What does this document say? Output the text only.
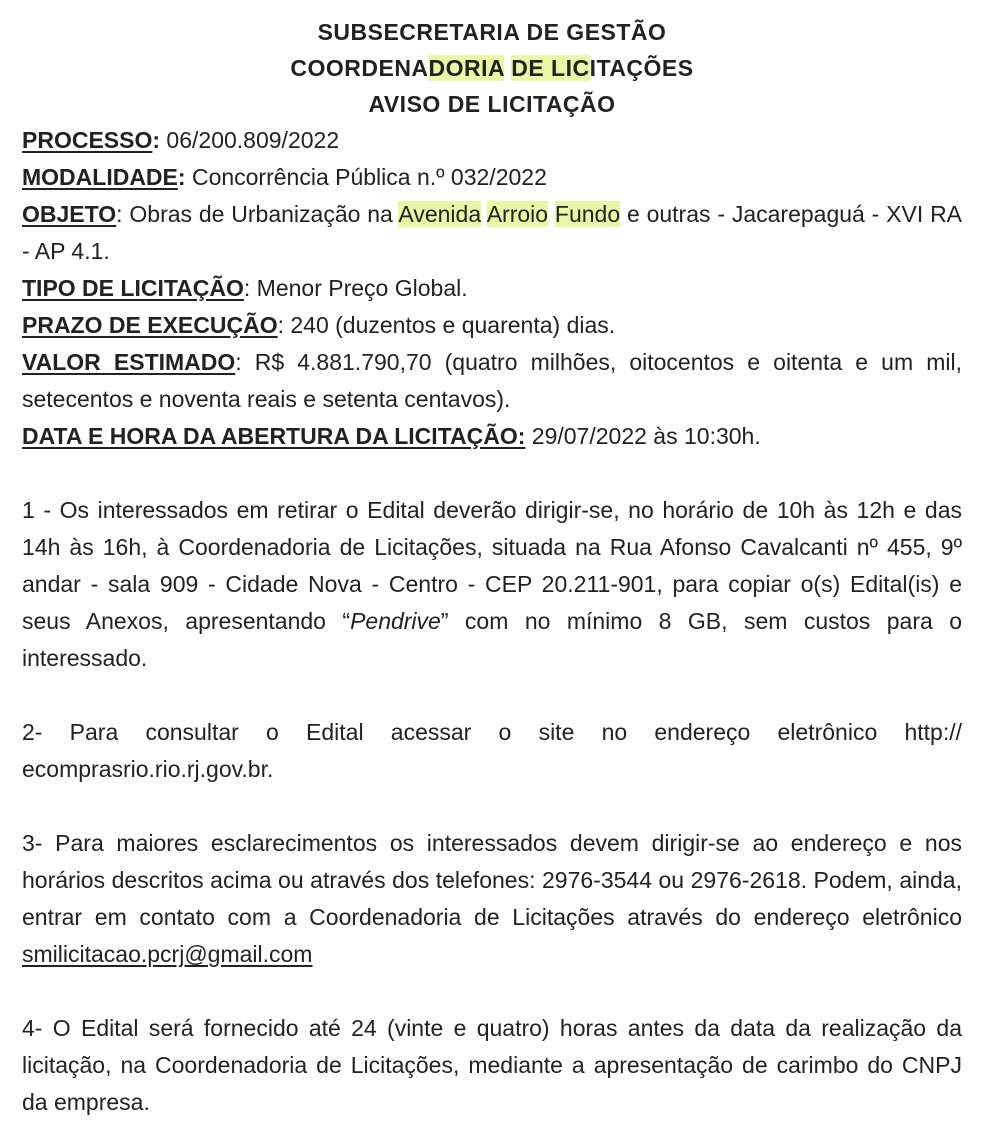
SUBSECRETARIA DE GESTÃO
COORDENADORIA DE LICITAÇÕES
AVISO DE LICITAÇÃO
PROCESSO: 06/200.809/2022
MODALIDADE: Concorrência Pública n.º 032/2022
OBJETO: Obras de Urbanização na Avenida Arroio Fundo e outras - Jacarepaguá - XVI RA - AP 4.1.
TIPO DE LICITAÇÃO: Menor Preço Global.
PRAZO DE EXECUÇÃO: 240 (duzentos e quarenta) dias.
VALOR ESTIMADO: R$ 4.881.790,70 (quatro milhões, oitocentos e oitenta e um mil, setecentos e noventa reais e setenta centavos).
DATA E HORA DA ABERTURA DA LICITAÇÃO: 29/07/2022 às 10:30h.
1 - Os interessados em retirar o Edital deverão dirigir-se, no horário de 10h às 12h e das 14h às 16h, à Coordenadoria de Licitações, situada na Rua Afonso Cavalcanti nº 455, 9º andar - sala 909 - Cidade Nova - Centro - CEP 20.211-901, para copiar o(s) Edital(is) e seus Anexos, apresentando “Pendrive” com no mínimo 8 GB, sem custos para o interessado.
2- Para consultar o Edital acessar o site no endereço eletrônico http:// ecomprasrio.rio.rj.gov.br.
3- Para maiores esclarecimentos os interessados devem dirigir-se ao endereço e nos horários descritos acima ou através dos telefones: 2976-3544 ou 2976-2618. Podem, ainda, entrar em contato com a Coordenadoria de Licitações através do endereço eletrônico smilicitacao.pcrj@gmail.com
4- O Edital será fornecido até 24 (vinte e quatro) horas antes da data da realização da licitação, na Coordenadoria de Licitações, mediante a apresentação de carimbo do CNPJ da empresa.
